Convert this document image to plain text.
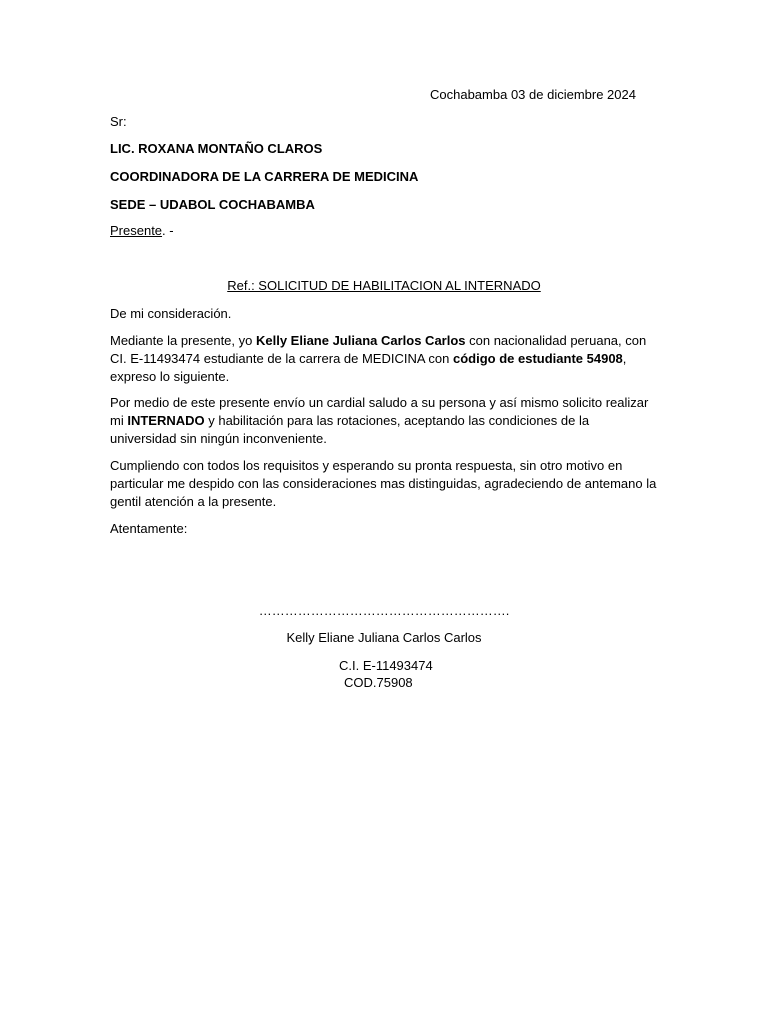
Cochabamba 03 de diciembre 2024
Sr:
LIC. ROXANA MONTAÑO CLAROS
COORDINADORA DE LA CARRERA DE MEDICINA
SEDE – UDABOL COCHABAMBA
Presente. -
Ref.: SOLICITUD DE HABILITACION AL INTERNADO
De mi consideración.
Mediante la presente, yo Kelly Eliane Juliana Carlos Carlos con nacionalidad peruana, con CI. E-11493474 estudiante de la carrera de MEDICINA con código de estudiante 54908, expreso lo siguiente.
Por medio de este presente envío un cardial saludo a su persona y así mismo solicito realizar mi INTERNADO y habilitación para las rotaciones, aceptando las condiciones de la universidad sin ningún inconveniente.
Cumpliendo con todos los requisitos y esperando su pronta respuesta, sin otro motivo en particular me despido con las consideraciones mas distinguidas, agradeciendo de antemano la gentil atención a la presente.
Atentamente:
………………………………………………….
Kelly Eliane Juliana Carlos Carlos
C.I. E-11493474
COD.75908
